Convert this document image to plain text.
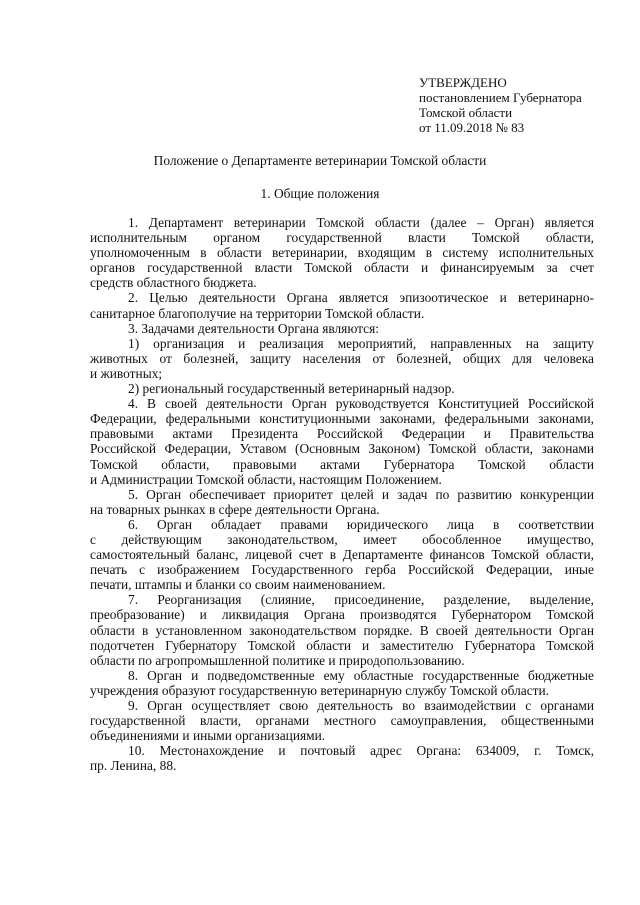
УТВЕРЖДЕНО
постановлением Губернатора
Томской области
от 11.09.2018 № 83
Положение о Департаменте ветеринарии Томской области
1. Общие положения
1. Департамент ветеринарии Томской области (далее – Орган) является
исполнительным органом государственной власти Томской области,
уполномоченным в области ветеринарии, входящим в систему исполнительных
органов государственной власти Томской области и финансируемым за счет
средств областного бюджета.
2. Целью деятельности Органа является эпизоотическое и ветеринарно-
санитарное благополучие на территории Томской области.
3. Задачами деятельности Органа являются:
1) организация и реализация мероприятий, направленных на защиту
животных от болезней, защиту населения от болезней, общих для человека
и животных;
2) региональный государственный ветеринарный надзор.
4. В своей деятельности Орган руководствуется Конституцией Российской
Федерации, федеральными конституционными законами, федеральными законами,
правовыми актами Президента Российской Федерации и Правительства
Российской Федерации, Уставом (Основным Законом) Томской области, законами
Томской области, правовыми актами Губернатора Томской области
и Администрации Томской области, настоящим Положением.
5. Орган обеспечивает приоритет целей и задач по развитию конкуренции
на товарных рынках в сфере деятельности Органа.
6. Орган обладает правами юридического лица в соответствии
с действующим законодательством, имеет обособленное имущество,
самостоятельный баланс, лицевой счет в Департаменте финансов Томской области,
печать с изображением Государственного герба Российской Федерации, иные
печати, штампы и бланки со своим наименованием.
7. Реорганизация (слияние, присоединение, разделение, выделение,
преобразование) и ликвидация Органа производятся Губернатором Томской
области в установленном законодательством порядке. В своей деятельности Орган
подотчетен Губернатору Томской области и заместителю Губернатора Томской
области по агропромышленной политике и природопользованию.
8. Орган и подведомственные ему областные государственные бюджетные
учреждения образуют государственную ветеринарную службу Томской области.
9. Орган осуществляет свою деятельность во взаимодействии с органами
государственной власти, органами местного самоуправления, общественными
объединениями и иными организациями.
10. Местонахождение и почтовый адрес Органа: 634009, г. Томск,
пр. Ленина, 88.
